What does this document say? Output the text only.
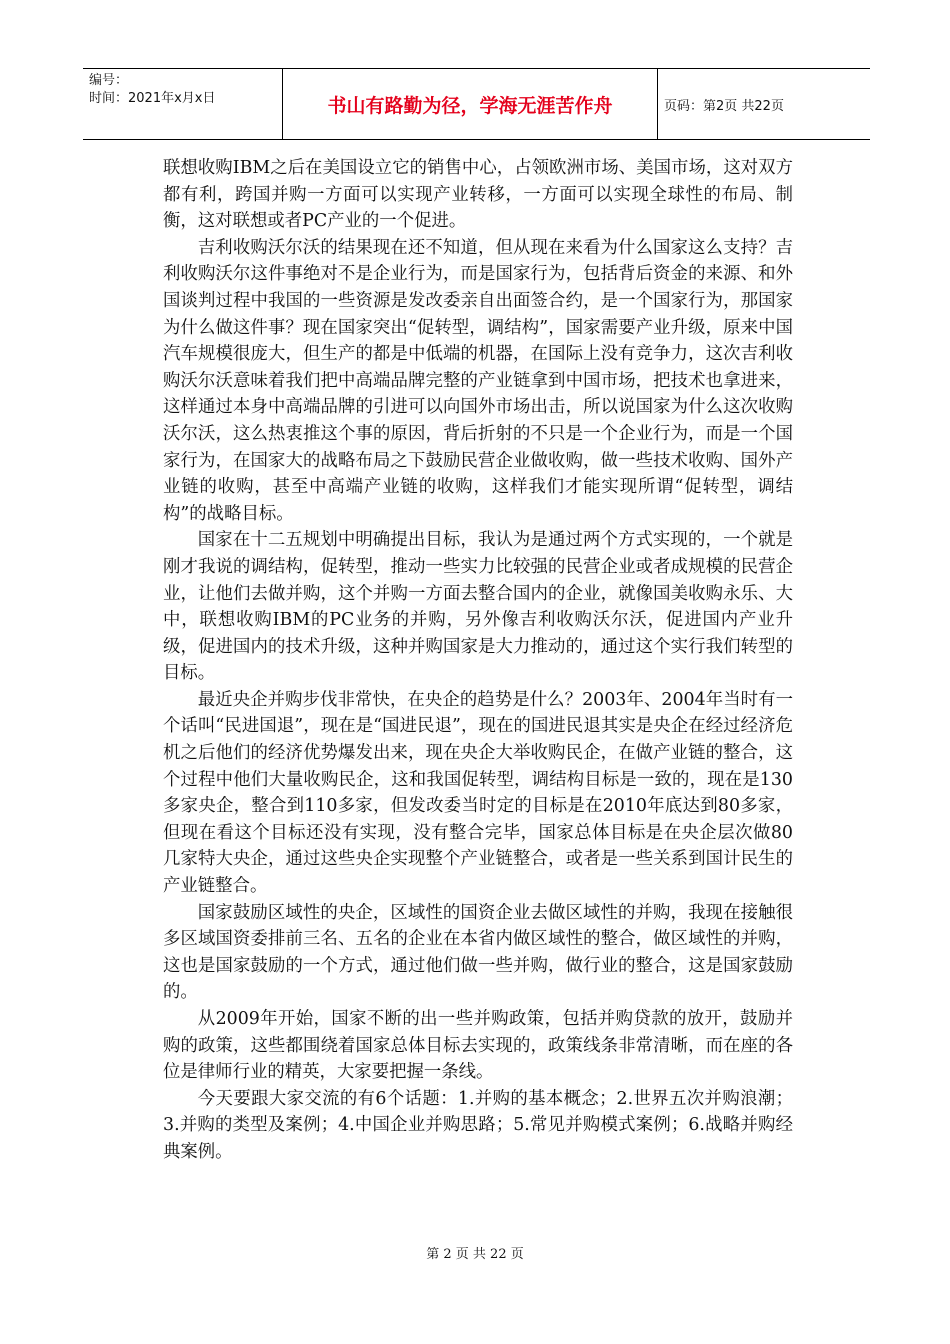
编号：
时间：2021年x月x日	书山有路勤为径，学海无涯苦作舟	页码：第2页 共22页

联想收购IBM之后在美国设立它的销售中心，占领欧洲市场、美国市场，这对双方都有利，跨国并购一方面可以实现产业转移，一方面可以实现全球性的布局、制衡，这对联想或者PC产业的一个促进。

吉利收购沃尔沃的结果现在还不知道，但从现在来看为什么国家这么支持？吉利收购沃尔这件事绝对不是企业行为，而是国家行为，包括背后资金的来源、和外国谈判过程中我国的一些资源是发改委亲自出面签合约，是一个国家行为，那国家为什么做这件事？现在国家突出“促转型，调结构”，国家需要产业升级，原来中国汽车规模很庞大，但生产的都是中低端的机器，在国际上没有竞争力，这次吉利收购沃尔沃意味着我们把中高端品牌完整的产业链拿到中国市场，把技术也拿进来，这样通过本身中高端品牌的引进可以向国外市场出击，所以说国家为什么这次收购沃尔沃，这么热衷推这个事的原因，背后折射的不只是一个企业行为，而是一个国家行为，在国家大的战略布局之下鼓励民营企业做收购，做一些技术收购、国外产业链的收购，甚至中高端产业链的收购，这样我们才能实现所谓“促转型，调结构”的战略目标。

国家在十二五规划中明确提出目标，我认为是通过两个方式实现的，一个就是刚才我说的调结构，促转型，推动一些实力比较强的民营企业或者成规模的民营企业，让他们去做并购，这个并购一方面去整合国内的企业，就像国美收购永乐、大中，联想收购IBM的PC业务的并购，另外像吉利收购沃尔沃，促进国内产业升级，促进国内的技术升级，这种并购国家是大力推动的，通过这个实行我们转型的目标。

最近央企并购步伐非常快，在央企的趋势是什么？2003年、2004年当时有一个话叫“民进国退”，现在是“国进民退”，现在的国进民退其实是央企在经过经济危机之后他们的经济优势爆发出来，现在央企大举收购民企，在做产业链的整合，这个过程中他们大量收购民企，这和我国促转型，调结构目标是一致的，现在是130多家央企，整合到110多家，但发改委当时定的目标是在2010年底达到80多家，但现在看这个目标还没有实现，没有整合完毕，国家总体目标是在央企层次做80几家特大央企，通过这些央企实现整个产业链整合，或者是一些关系到国计民生的产业链整合。

国家鼓励区域性的央企，区域性的国资企业去做区域性的并购，我现在接触很多区域国资委排前三名、五名的企业在本省内做区域性的整合，做区域性的并购，这也是国家鼓励的一个方式，通过他们做一些并购，做行业的整合，这是国家鼓励的。

从2009年开始，国家不断的出一些并购政策，包括并购贷款的放开，鼓励并购的政策，这些都围绕着国家总体目标去实现的，政策线条非常清晰，而在座的各位是律师行业的精英，大家要把握一条线。

今天要跟大家交流的有6个话题：1.并购的基本概念；2.世界五次并购浪潮；3.并购的类型及案例；4.中国企业并购思路；5.常见并购模式案例；6.战略并购经典案例。

第 2 页 共 22 页
